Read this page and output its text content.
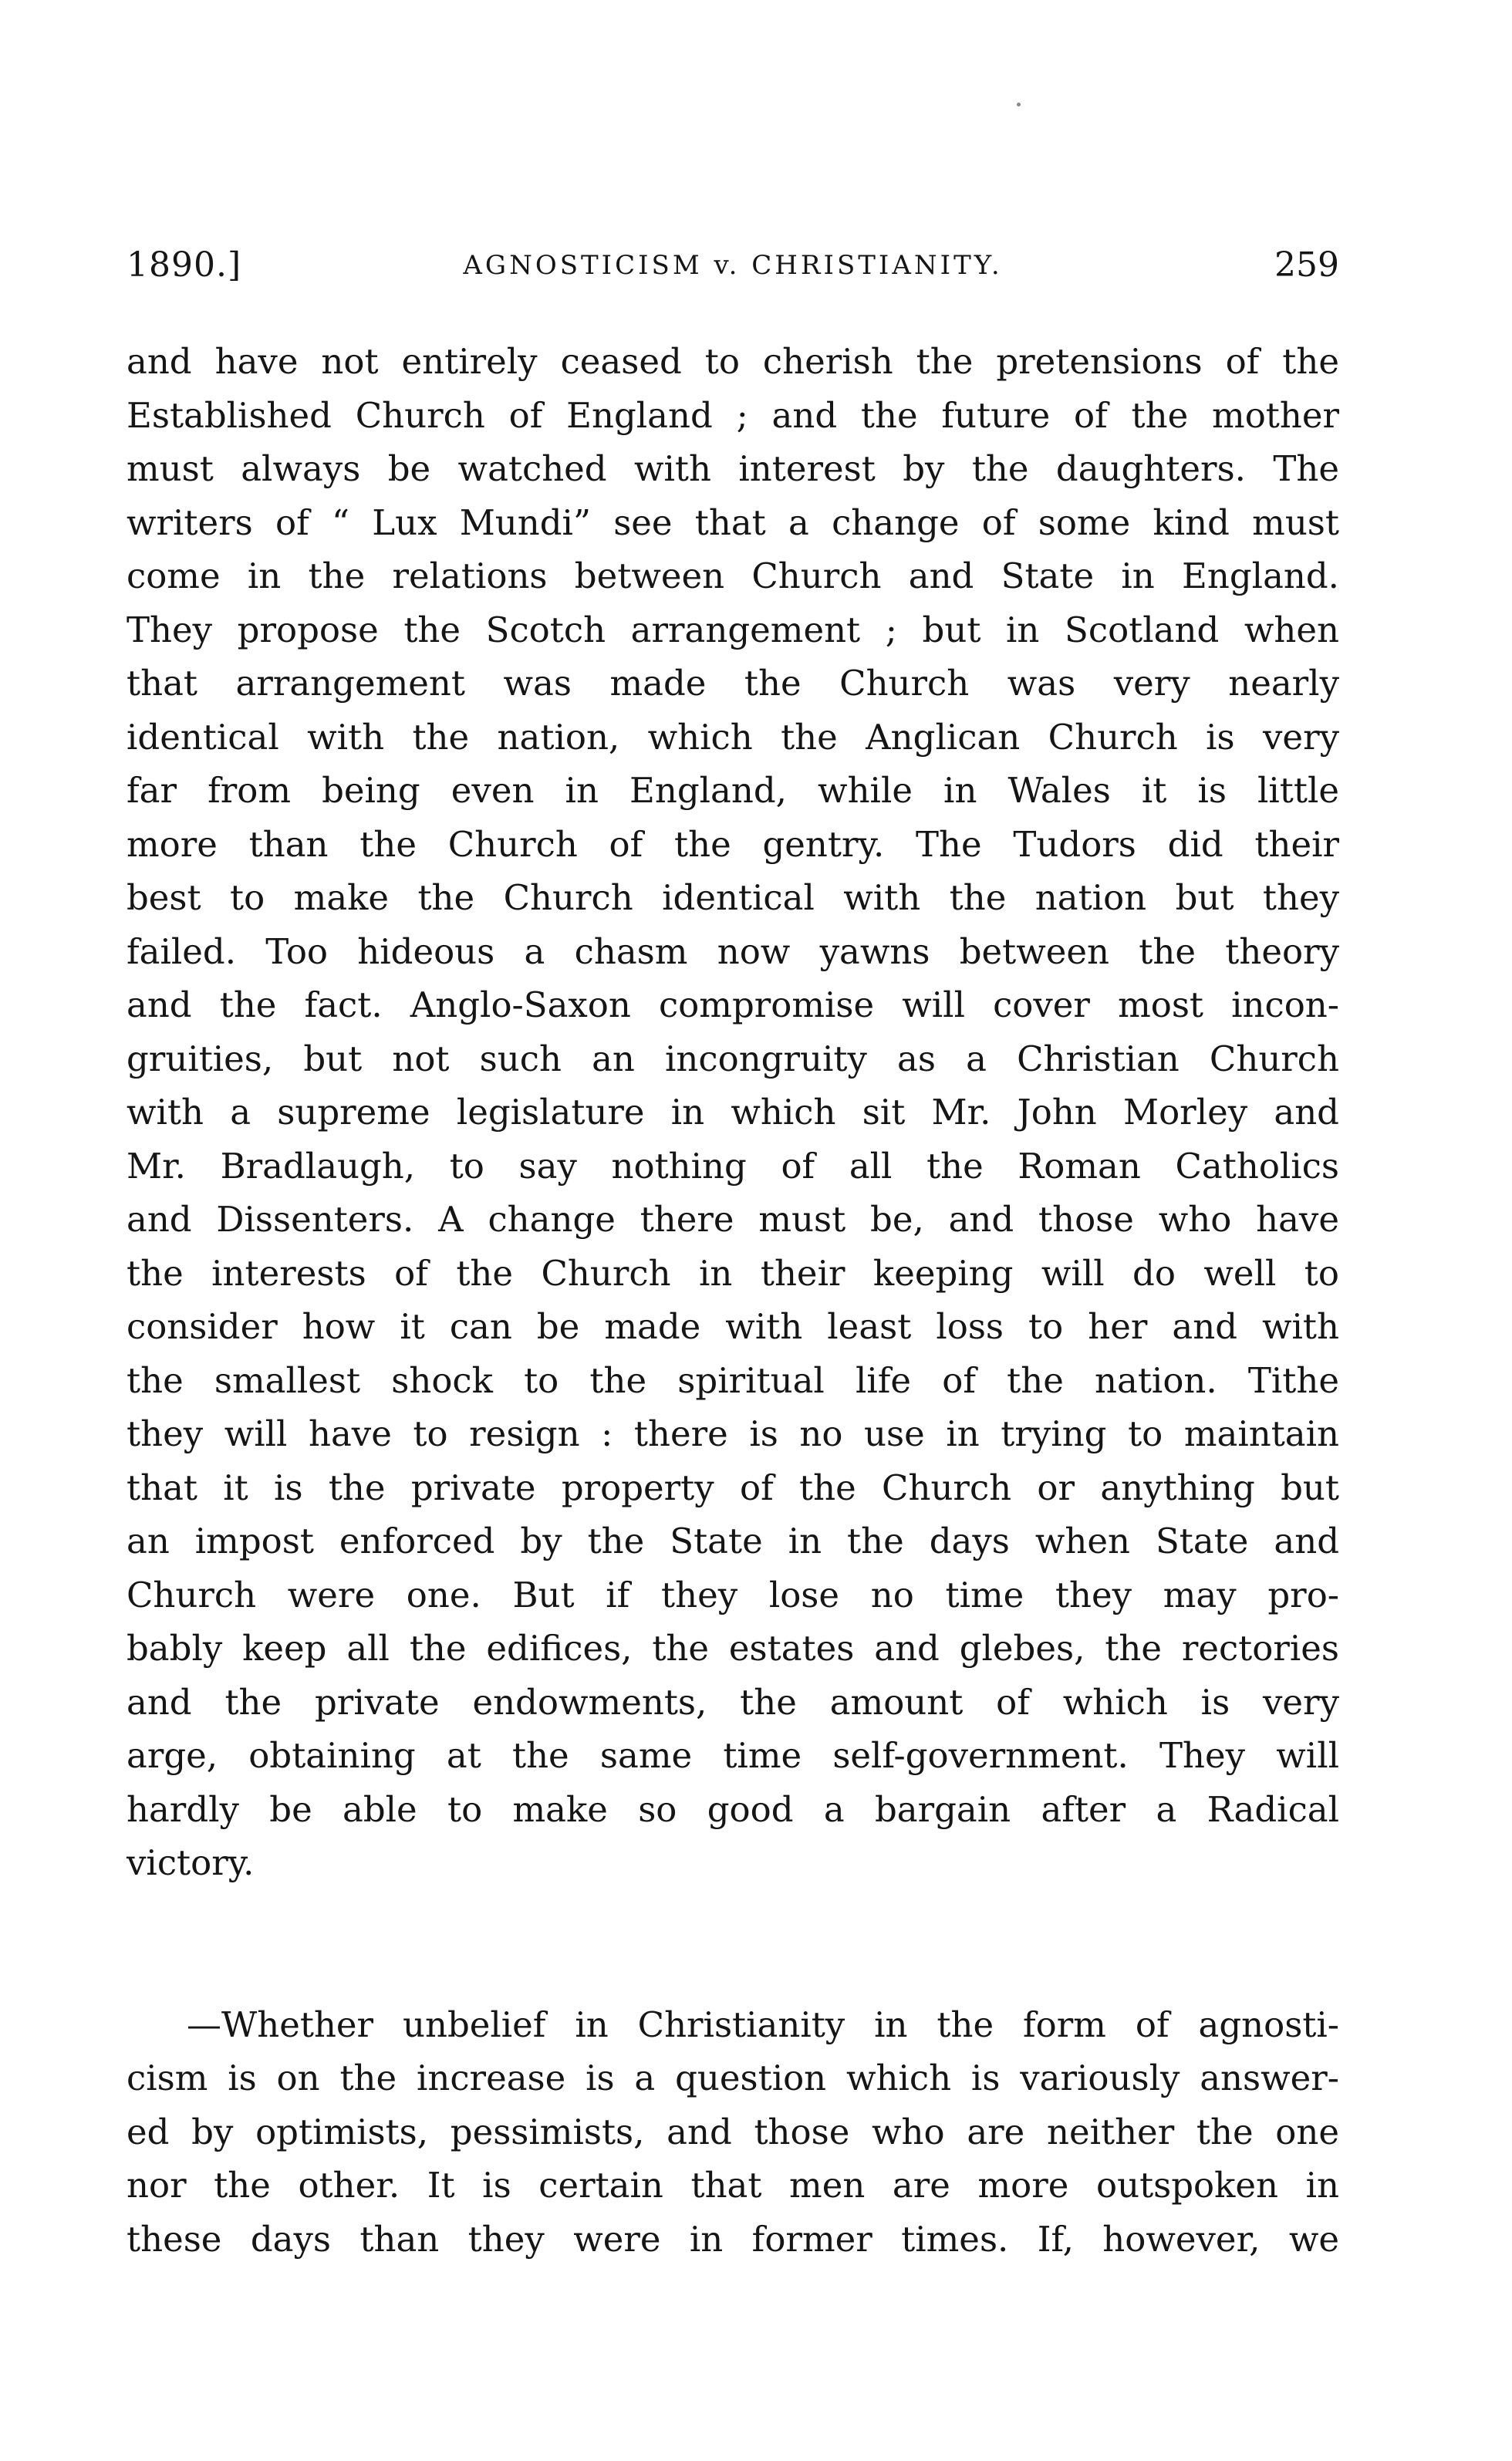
1890.]	AGNOSTICISM v. CHRISTIANITY.	259
and have not entirely ceased to cherish the pretensions of the
Established Church of England ; and the future of the mother
must always be watched with interest by the daughters. The
writers of “ Lux Mundi” see that a change of some kind must
come in the relations between Church and State in England.
They propose the Scotch arrangement ; but in Scotland when
that arrangement was made the Church was very nearly
identical with the nation, which the Anglican Church is very
far from being even in England, while in Wales it is little
more than the Church of the gentry. The Tudors did their
best to make the Church identical with the nation but they
failed. Too hideous a chasm now yawns between the theory
and the fact. Anglo-Saxon compromise will cover most incon-
gruities, but not such an incongruity as a Christian Church
with a supreme legislature in which sit Mr. John Morley and
Mr. Bradlaugh, to say nothing of all the Roman Catholics
and Dissenters. A change there must be, and those who have
the interests of the Church in their keeping will do well to
consider how it can be made with least loss to her and with
the smallest shock to the spiritual life of the nation. Tithe
they will have to resign : there is no use in trying to maintain
that it is the private property of the Church or anything but
an impost enforced by the State in the days when State and
Church were one. But if they lose no time they may pro-
bably keep all the edifices, the estates and glebes, the rectories
and the private endowments, the amount of which is very
arge, obtaining at the same time self-government. They will
hardly be able to make so good a bargain after a Radical
victory.
—Whether unbelief in Christianity in the form of agnosti-
cism is on the increase is a question which is variously answer-
ed by optimists, pessimists, and those who are neither the one
nor the other. It is certain that men are more outspoken in
these days than they were in former times. If, however, we
